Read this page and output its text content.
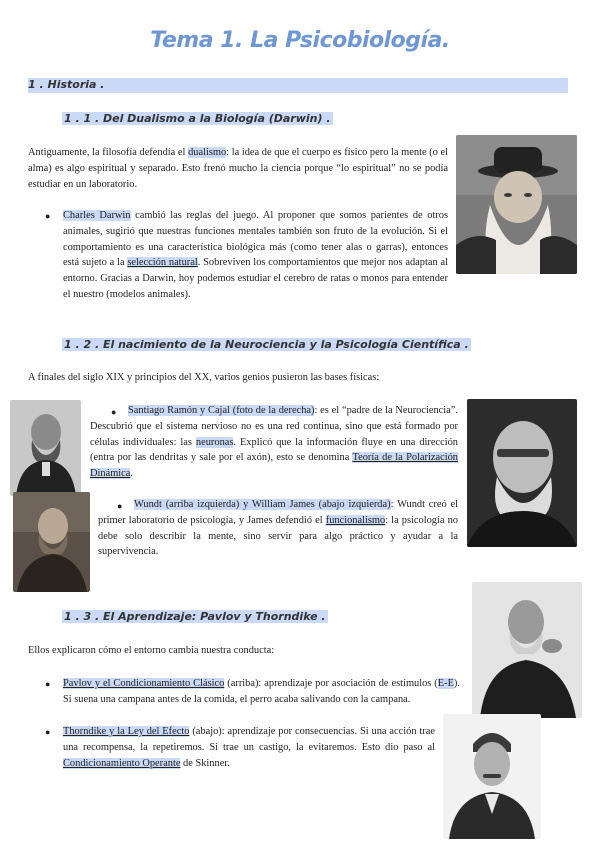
Tema 1. La Psicobiología.
1 . Historia .
1 . 1 . Del Dualismo a la Biología (Darwin) .
Antiguamente, la filosofía defendía el dualismo: la idea de que el cuerpo es físico pero la mente (o el alma) es algo espiritual y separado. Esto frenó mucho la ciencia porque “lo espiritual” no se podía estudiar en un laboratorio.
● Charles Darwin cambió las reglas del juego. Al proponer que somos parientes de otros animales, sugirió que nuestras funciones mentales también son fruto de la evolución. Si el comportamiento es una característica biológica más (como tener alas o garras), entonces está sujeto a la selección natural. Sobreviven los comportamientos que mejor nos adaptan al entorno. Gracias a Darwin, hoy podemos estudiar el cerebro de ratas o monos para entender el nuestro (modelos animales).
1 . 2 . El nacimiento de la Neurociencia y la Psicología Científica .
A finales del siglo XIX y principios del XX, varios genios pusieron las bases físicas:
●	Santiago Ramón y Cajal (foto de la derecha): es el “padre de la Neurociencia”. Descubrió que el sistema nervioso no es una red continua, sino que está formado por células individuales: las neuronas. Explicó que la información fluye en una dirección (entra por las dendritas y sale por el axón), esto se denomina Teoría de la Polarización Dinámica.
●	Wundt (arriba izquierda) y William James (abajo izquierda): Wundt creó el primer laboratorio de psicología, y James defendió el funcionalismo: la psicología no debe solo describir la mente, sino servir para algo práctico y ayudar a la supervivencia.
1 . 3 . El Aprendizaje: Pavlov y Thorndike .
Ellos explicaron cómo el entorno cambia nuestra conducta:
● Pavlov y el Condicionamiento Clásico (arriba): aprendizaje por asociación de estímulos (E-E). Si suena una campana antes de la comida, el perro acaba salivando con la campana.
● Thorndike y la Ley del Efecto (abajo): aprendizaje por consecuencias. Si una acción trae una recompensa, la repetiremos. Si trae un castigo, la evitaremos. Esto dio paso al Condicionamiento Operante de Skinner.
